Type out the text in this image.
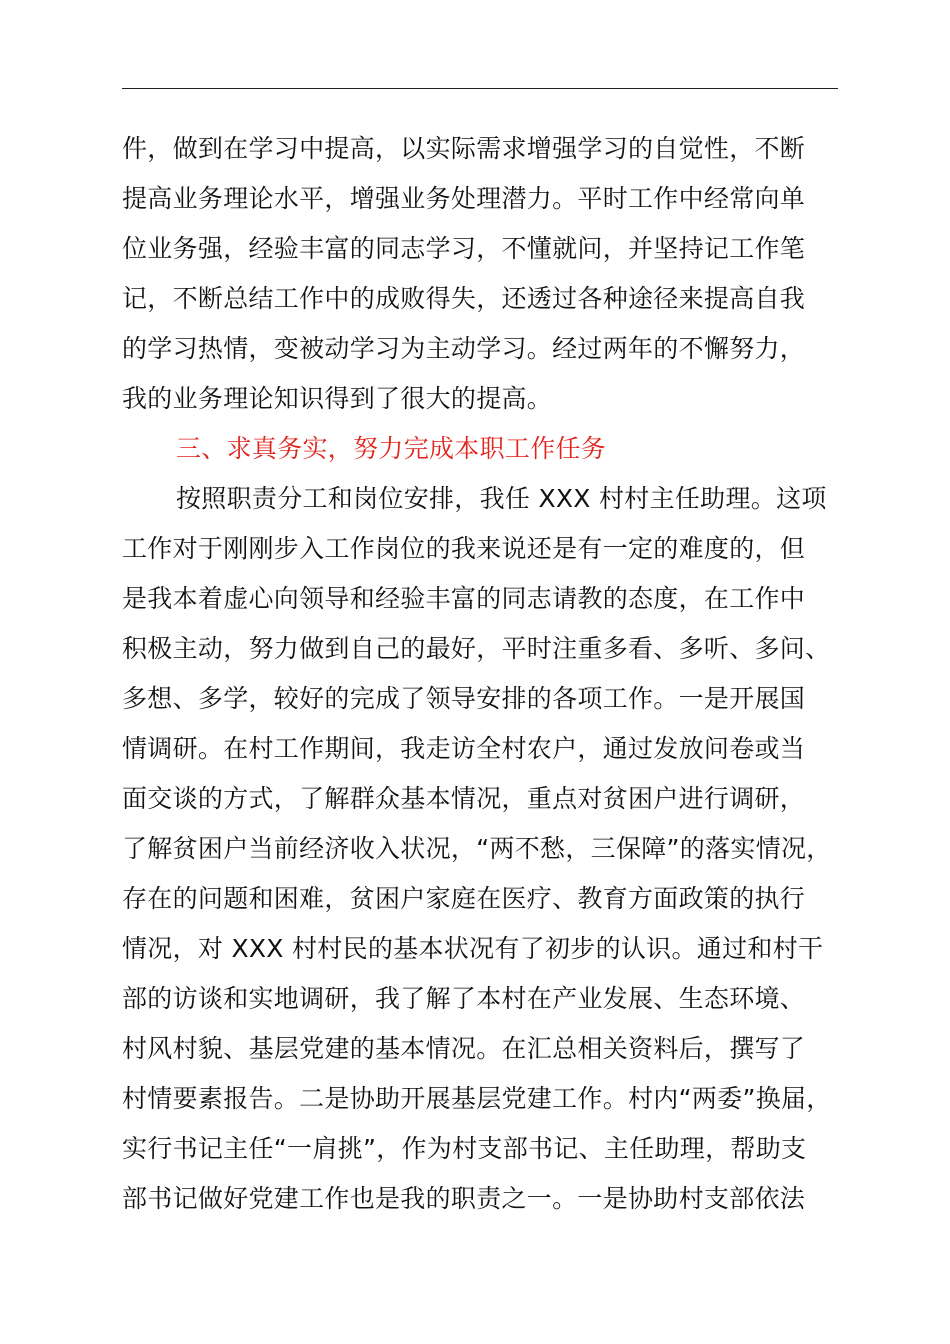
件，做到在学习中提高，以实际需求增强学习的自觉性，不断
提高业务理论水平，增强业务处理潜力。平时工作中经常向单
位业务强，经验丰富的同志学习，不懂就问，并坚持记工作笔
记，不断总结工作中的成败得失，还透过各种途径来提高自我
的学习热情，变被动学习为主动学习。经过两年的不懈努力，
我的业务理论知识得到了很大的提高。
三、求真务实，努力完成本职工作任务
按照职责分工和岗位安排，我任 XXX 村村主任助理。这项
工作对于刚刚步入工作岗位的我来说还是有一定的难度的，但
是我本着虚心向领导和经验丰富的同志请教的态度，在工作中
积极主动，努力做到自己的最好，平时注重多看、多听、多问、
多想、多学，较好的完成了领导安排的各项工作。一是开展国
情调研。在村工作期间，我走访全村农户，通过发放问卷或当
面交谈的方式，了解群众基本情况，重点对贫困户进行调研，
了解贫困户当前经济收入状况，“两不愁，三保障”的落实情况，
存在的问题和困难，贫困户家庭在医疗、教育方面政策的执行
情况，对 XXX 村村民的基本状况有了初步的认识。通过和村干
部的访谈和实地调研，我了解了本村在产业发展、生态环境、
村风村貌、基层党建的基本情况。在汇总相关资料后，撰写了
村情要素报告。二是协助开展基层党建工作。村内“两委”换届，
实行书记主任“一肩挑”，作为村支部书记、主任助理，帮助支
部书记做好党建工作也是我的职责之一。一是协助村支部依法
